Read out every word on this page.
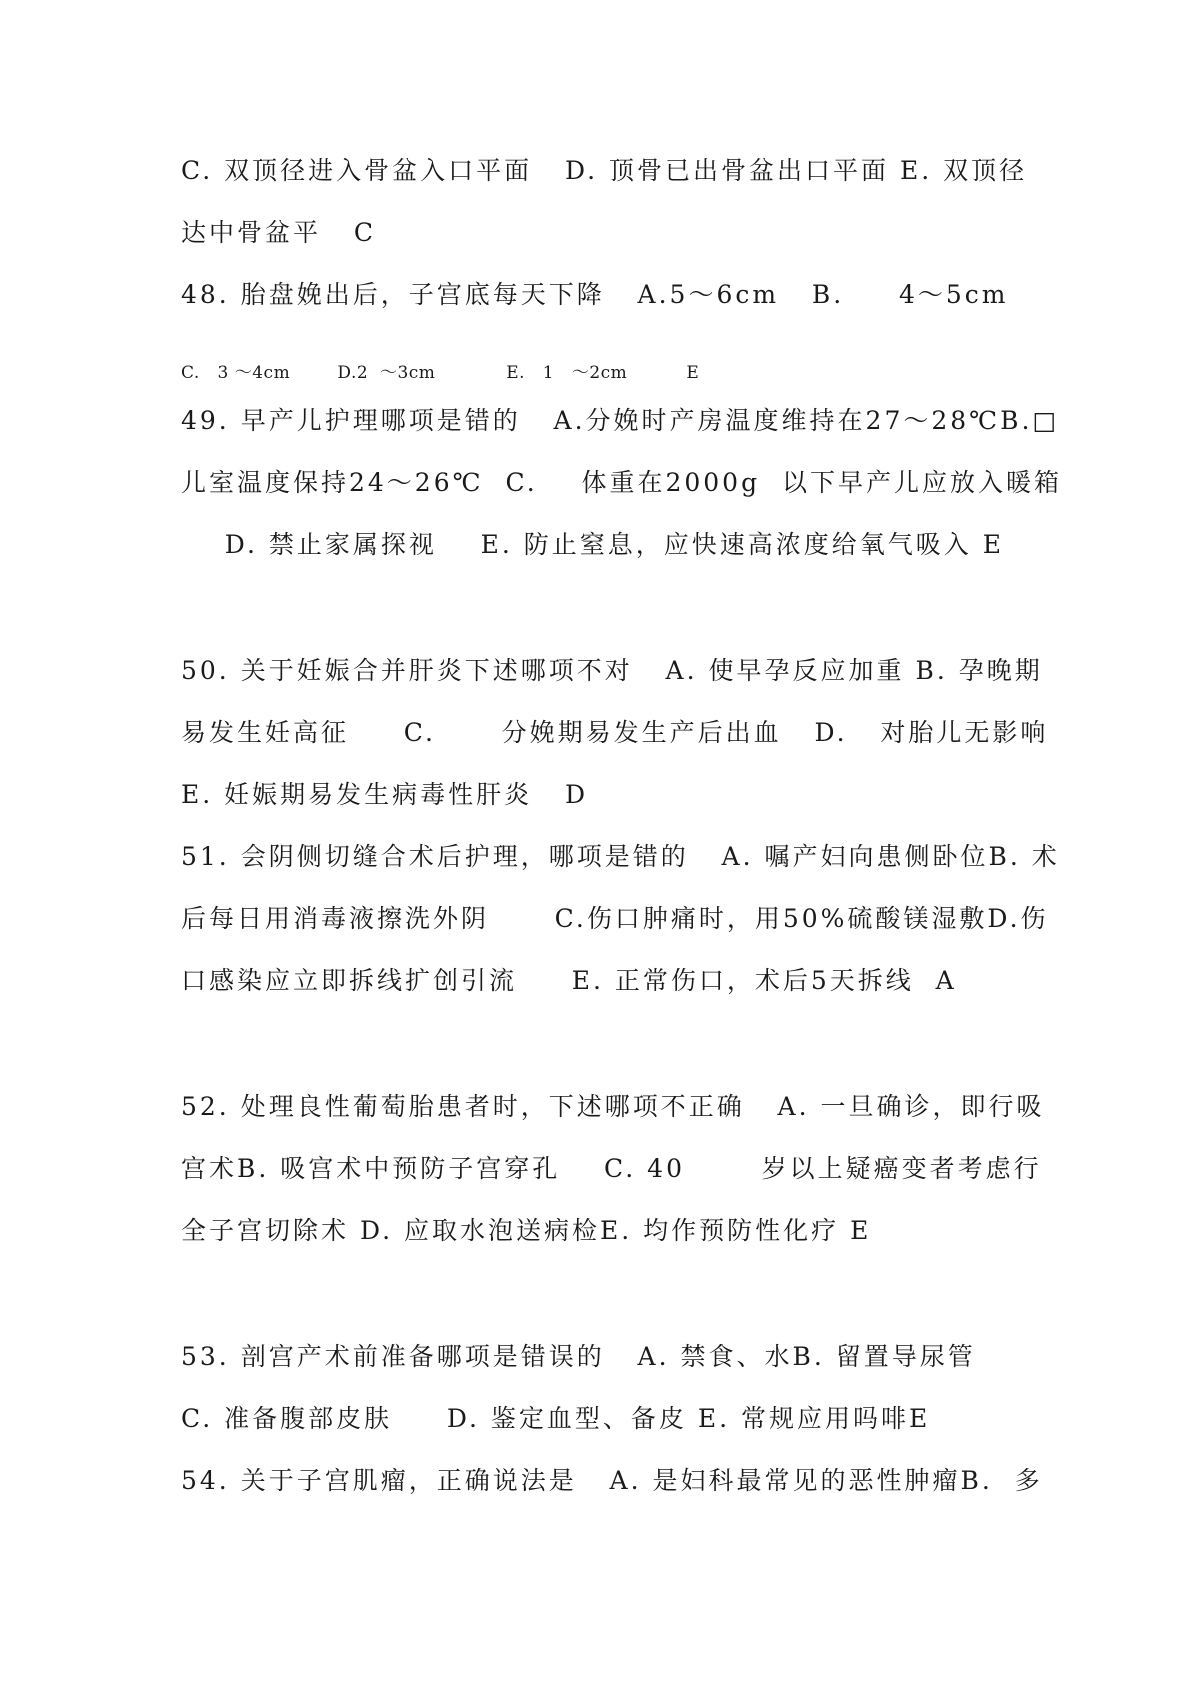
C. 双顶径进入骨盆入口平面   D. 顶骨已出骨盆出口平面 E. 双顶径
达中骨盆平   C
48. 胎盘娩出后，子宫底每天下降   A.5～6cm   B.     4～5cm
C.   3 ～4cm        D.2  ～3cm            E.   1   ～2cm          E
49. 早产儿护理哪项是错的   A.分娩时产房温度维持在27～28℃B.□
儿室温度保持24～26℃  C.    体重在2000g  以下早产儿应放入暖箱
D. 禁止家属探视    E. 防止窒息，应快速高浓度给氧气吸入 E
50. 关于妊娠合并肝炎下述哪项不对   A. 使早孕反应加重 B. 孕晚期
易发生妊高征     C.      分娩期易发生产后出血   D.   对胎儿无影响
E. 妊娠期易发生病毒性肝炎   D
51. 会阴侧切缝合术后护理，哪项是错的   A. 嘱产妇向患侧卧位B. 术
后每日用消毒液擦洗外阴      C.伤口肿痛时，用50%硫酸镁湿敷D.伤
口感染应立即拆线扩创引流     E. 正常伤口，术后5天拆线  A
52. 处理良性葡萄胎患者时，下述哪项不正确   A. 一旦确诊，即行吸
宫术B. 吸宫术中预防子宫穿孔    C. 40       岁以上疑癌变者考虑行
全子宫切除术 D. 应取水泡送病检E. 均作预防性化疗 E
53. 剖宫产术前准备哪项是错误的   A. 禁食、水B. 留置导尿管
C. 准备腹部皮肤     D. 鉴定血型、备皮 E. 常规应用吗啡E
54. 关于子宫肌瘤，正确说法是   A. 是妇科最常见的恶性肿瘤B.  多
